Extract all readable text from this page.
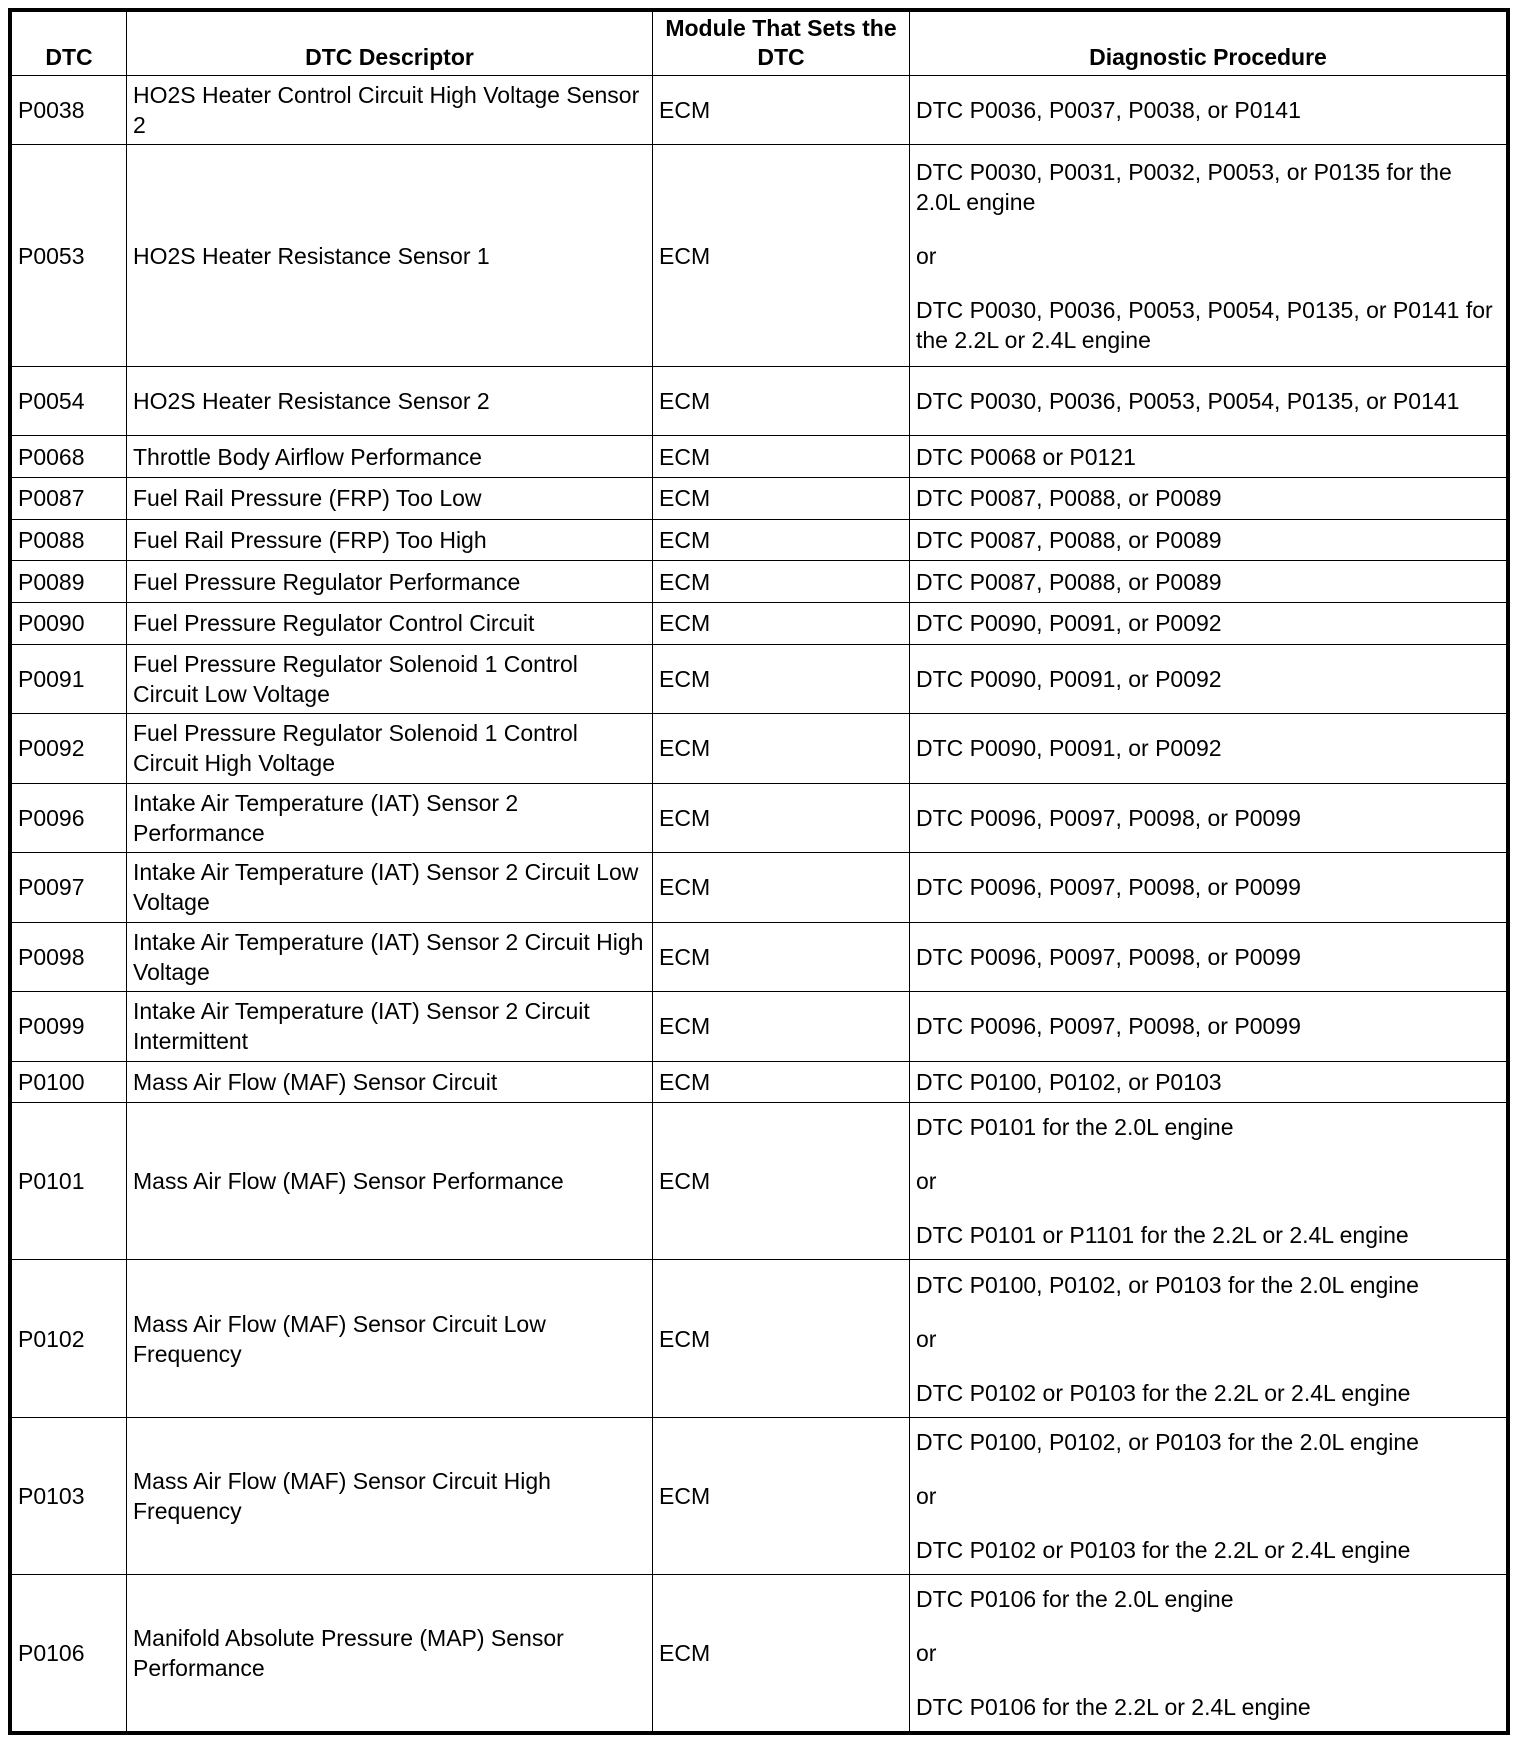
DTC	DTC Descriptor	Module That Sets the DTC	Diagnostic Procedure
P0038	HO2S Heater Control Circuit High Voltage Sensor 2	ECM	DTC P0036, P0037, P0038, or P0141

P0053	HO2S Heater Resistance Sensor 1	ECM	DTC P0030, P0031, P0032, P0053, or P0135 for the 2.0L engine
or
DTC P0030, P0036, P0053, P0054, P0135, or P0141 for the 2.2L or 2.4L engine

P0054	HO2S Heater Resistance Sensor 2	ECM	DTC P0030, P0036, P0053, P0054, P0135, or P0141

P0068	Throttle Body Airflow Performance	ECM	DTC P0068 or P0121

P0087	Fuel Rail Pressure (FRP) Too Low	ECM	DTC P0087, P0088, or P0089

P0088	Fuel Rail Pressure (FRP) Too High	ECM	DTC P0087, P0088, or P0089

P0089	Fuel Pressure Regulator Performance	ECM	DTC P0087, P0088, or P0089

P0090	Fuel Pressure Regulator Control Circuit	ECM	DTC P0090, P0091, or P0092

P0091	Fuel Pressure Regulator Solenoid 1 Control Circuit Low Voltage	ECM	DTC P0090, P0091, or P0092

P0092	Fuel Pressure Regulator Solenoid 1 Control Circuit High Voltage	ECM	DTC P0090, P0091, or P0092

P0096	Intake Air Temperature (IAT) Sensor 2 Performance	ECM	DTC P0096, P0097, P0098, or P0099

P0097	Intake Air Temperature (IAT) Sensor 2 Circuit Low Voltage	ECM	DTC P0096, P0097, P0098, or P0099

P0098	Intake Air Temperature (IAT) Sensor 2 Circuit High Voltage	ECM	DTC P0096, P0097, P0098, or P0099

P0099	Intake Air Temperature (IAT) Sensor 2 Circuit Intermittent	ECM	DTC P0096, P0097, P0098, or P0099

P0100	Mass Air Flow (MAF) Sensor Circuit	ECM	DTC P0100, P0102, or P0103

P0101	Mass Air Flow (MAF) Sensor Performance	ECM	DTC P0101 for the 2.0L engine
or
DTC P0101 or P1101 for the 2.2L or 2.4L engine

P0102	Mass Air Flow (MAF) Sensor Circuit Low Frequency	ECM	DTC P0100, P0102, or P0103 for the 2.0L engine
or
DTC P0102 or P0103 for the 2.2L or 2.4L engine

P0103	Mass Air Flow (MAF) Sensor Circuit High Frequency	ECM	DTC P0100, P0102, or P0103 for the 2.0L engine
or
DTC P0102 or P0103 for the 2.2L or 2.4L engine

P0106	Manifold Absolute Pressure (MAP) Sensor Performance	ECM	DTC P0106 for the 2.0L engine
or
DTC P0106 for the 2.2L or 2.4L engine
